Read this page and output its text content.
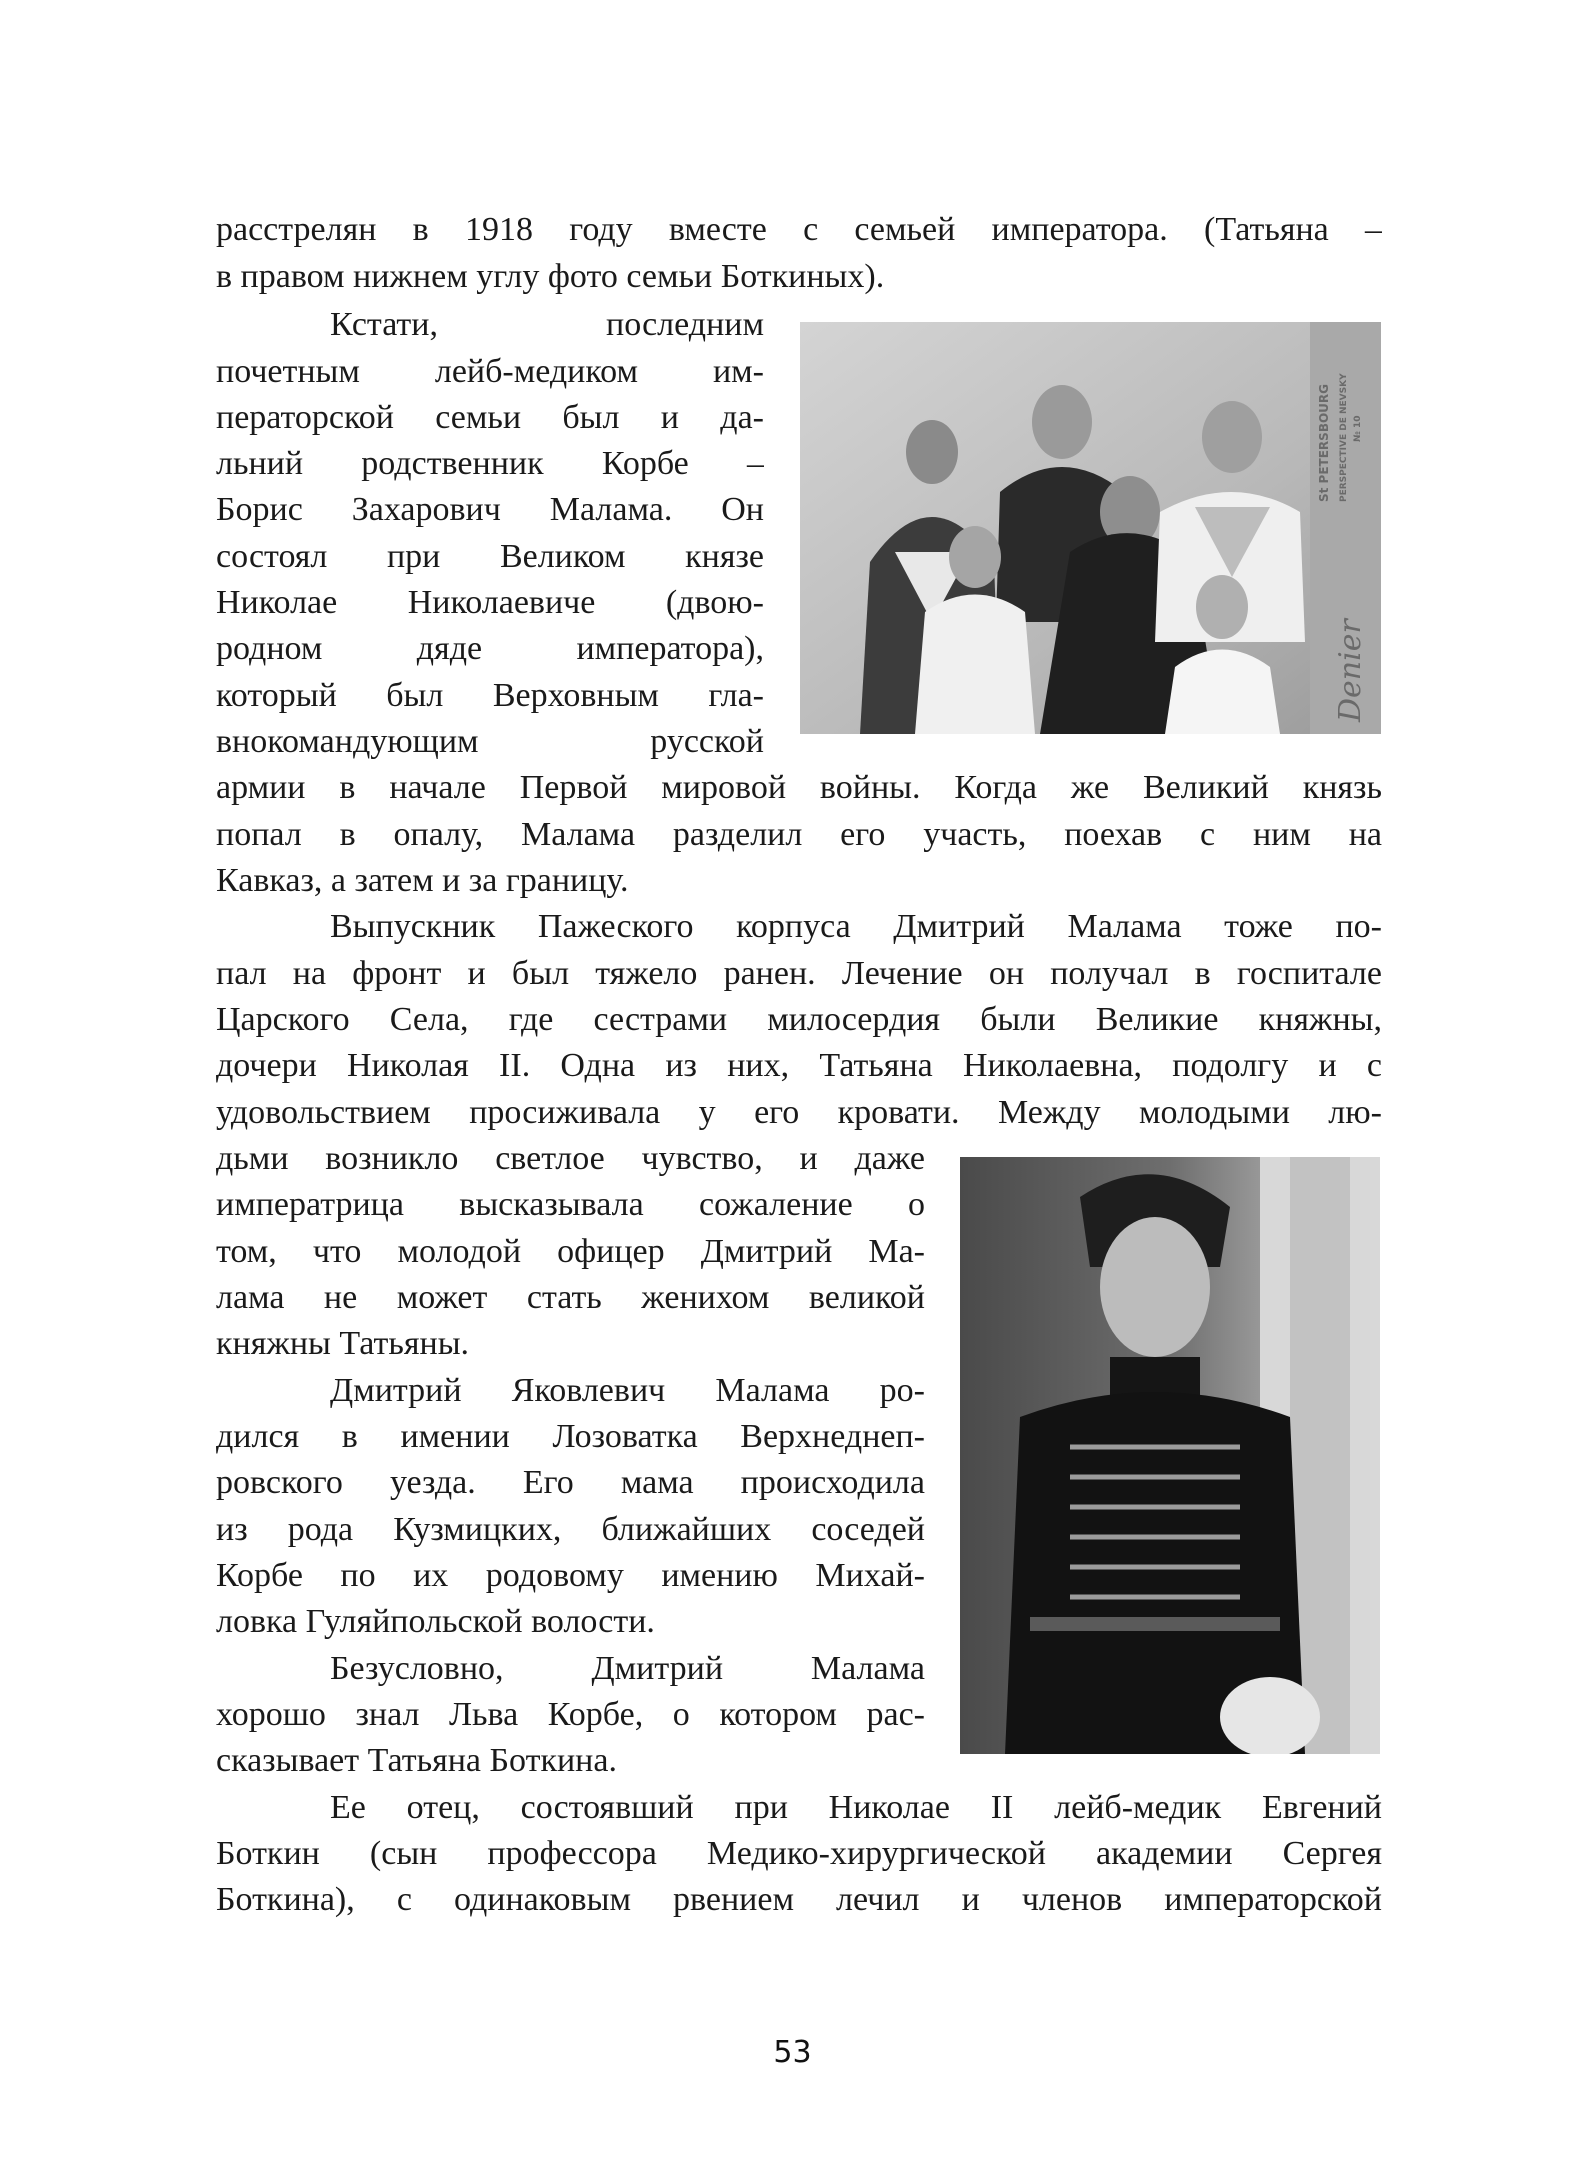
расстрелян в 1918 году вместе с семьей императора. (Татьяна –
в правом нижнем углу фото семьи Боткиных).
Кстати, последним
почетным лейб-медиком им-
ператорской семьи был и да-
льний родственник Корбе –
Борис Захарович Малама. Он
состоял при Великом князе
Николае Николаевиче (двою-
родном дяде императора),
который был Верховным гла-
внокомандующим русской
St PETERSBOURG PERSPECTIVE DE NEVSKY № 10
Denier
армии в начале Первой мировой войны. Когда же Великий князь
попал в опалу, Малама разделил его участь, поехав с ним на
Кавказ, а затем и за границу.
Выпускник Пажеского корпуса Дмитрий Малама тоже по-
пал на фронт и был тяжело ранен. Лечение он получал в госпитале
Царского Села, где сестрами милосердия были Великие княжны,
дочери Николая II. Одна из них, Татьяна Николаевна, подолгу и с
удовольствием просиживала у его кровати. Между молодыми лю-
дьми возникло светлое чувство, и даже
императрица высказывала сожаление о
том, что молодой офицер Дмитрий Ма-
лама не может стать женихом великой
княжны Татьяны.
Дмитрий Яковлевич Малама ро-
дился в имении Лозоватка Верхнеднеп-
ровского уезда. Его мама происходила
из рода Кузмицких, ближайших соседей
Корбе по их родовому имению Михай-
ловка Гуляйпольской волости.
Безусловно, Дмитрий Малама
хорошо знал Льва Корбе, о котором рас-
сказывает Татьяна Боткина.
Ее отец, состоявший при Николае II лейб-медик Евгений
Боткин (сын профессора Медико-хирургической академии Сергея
Боткина), с одинаковым рвением лечил и членов императорской
53
